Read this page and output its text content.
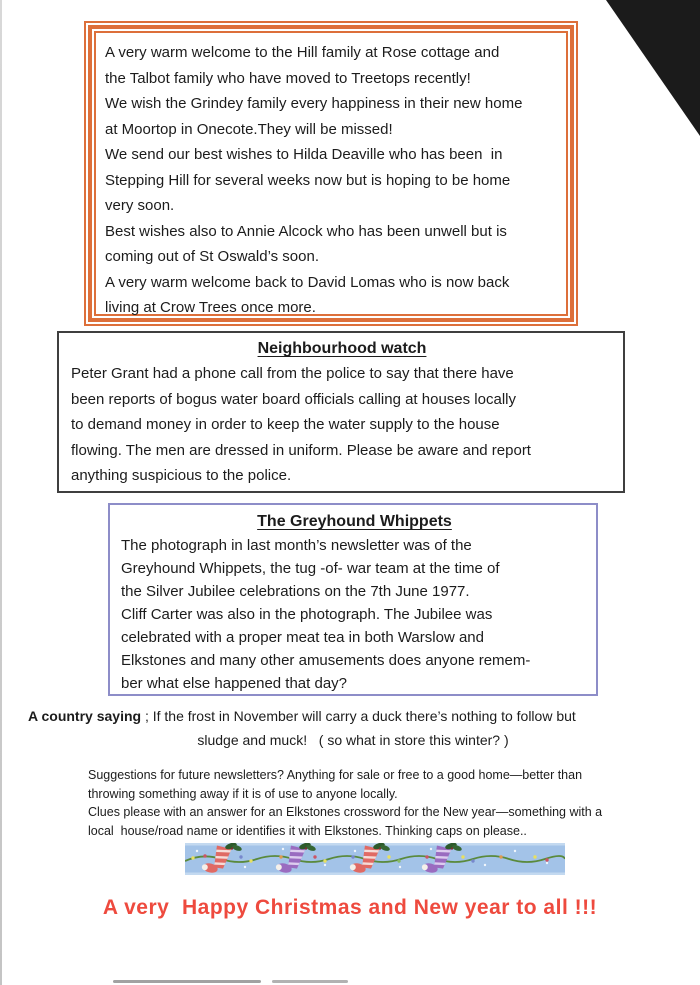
A very warm welcome to the Hill family at Rose cottage and
the Talbot family who have moved to Treetops recently!
We wish the Grindey family every happiness in their new home
at Moortop in Onecote.They will be missed!
We send our best wishes to Hilda Deaville who has been  in
Stepping Hill for several weeks now but is hoping to be home
very soon.
Best wishes also to Annie Alcock who has been unwell but is
coming out of St Oswald’s soon.
A very warm welcome back to David Lomas who is now back
living at Crow Trees once more.
Neighbourhood watch
Peter Grant had a phone call from the police to say that there have
been reports of bogus water board officials calling at houses locally
to demand money in order to keep the water supply to the house
flowing. The men are dressed in uniform. Please be aware and report
anything suspicious to the police.
The Greyhound Whippets
The photograph in last month’s newsletter was of the
Greyhound Whippets, the tug -of- war team at the time of
the Silver Jubilee celebrations on the 7th June 1977.
Cliff Carter was also in the photograph. The Jubilee was
celebrated with a proper meat tea in both Warslow and
Elkstones and many other amusements does anyone remem-
ber what else happened that day?
A country saying ; If the frost in November will carry a duck there’s nothing to follow but
sludge and muck!   ( so what in store this winter? )
Suggestions for future newsletters? Anything for sale or free to a good home—better than
throwing something away if it is of use to anyone locally.
Clues please with an answer for an Elkstones crossword for the New year—something with a
local  house/road name or identifies it with Elkstones. Thinking caps on please..
A very  Happy Christmas and New year to all !!!
